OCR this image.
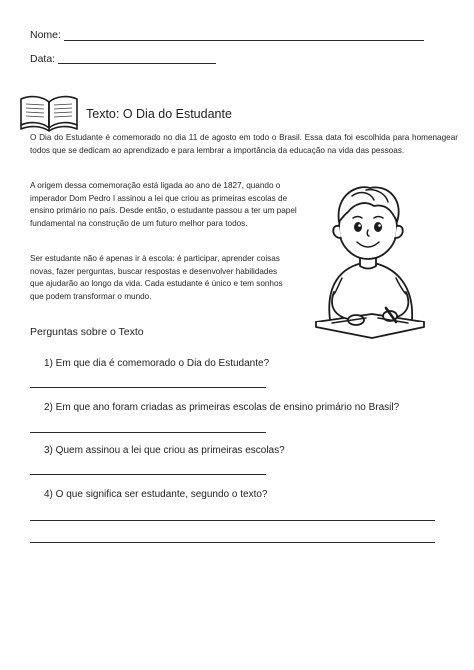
Nome:
Data:
Texto: O Dia do Estudante

O Dia do Estudante é comemorado no dia 11 de agosto em todo o Brasil. Essa data foi escolhida para homenagear todos que se dedicam ao aprendizado e para lembrar a importância da educação na vida das pessoas.

A origem dessa comemoração está ligada ao ano de 1827, quando o imperador Dom Pedro I assinou a lei que criou as primeiras escolas de ensino primário no país. Desde então, o estudante passou a ter um papel fundamental na construção de um futuro melhor para todos.

Ser estudante não é apenas ir à escola: é participar, aprender coisas novas, fazer perguntas, buscar respostas e desenvolver habilidades que ajudarão ao longo da vida. Cada estudante é único e tem sonhos que podem transformar o mundo.

Perguntas sobre o Texto
1) Em que dia é comemorado o Dia do Estudante?
2) Em que ano foram criadas as primeiras escolas de ensino primário no Brasil?
3) Quem assinou a lei que criou as primeiras escolas?
4) O que significa ser estudante, segundo o texto?
